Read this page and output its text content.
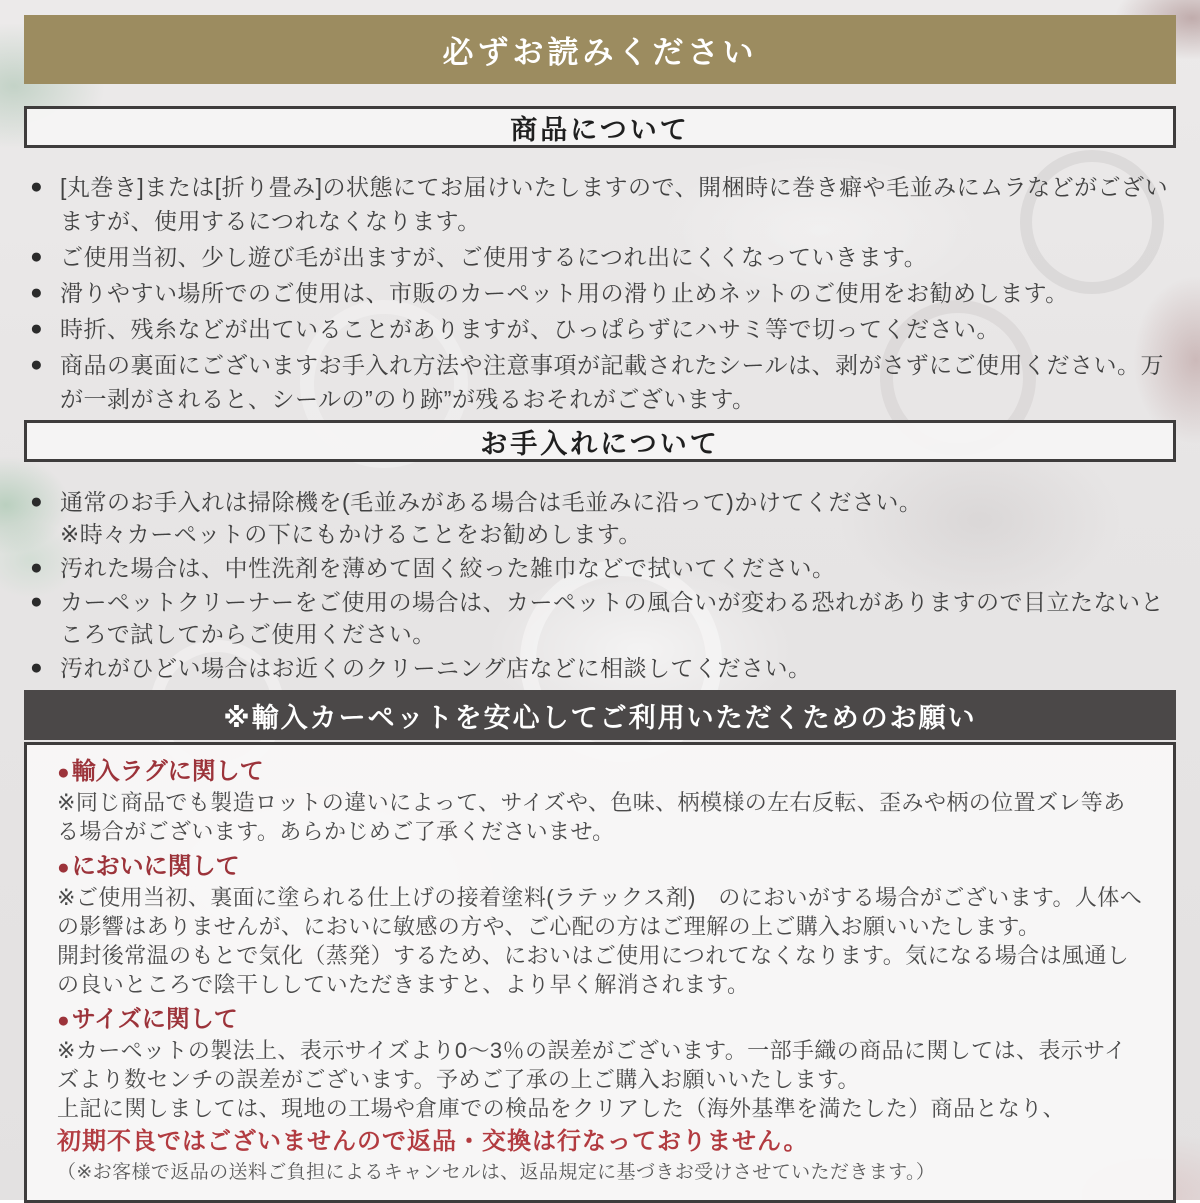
必ずお読みください
商品について
● [丸巻き]または[折り畳み]の状態にてお届けいたしますので、開梱時に巻き癖や毛並みにムラなどがございますが、使用するにつれなくなります。
● ご使用当初、少し遊び毛が出ますが、ご使用するにつれ出にくくなっていきます。
● 滑りやすい場所でのご使用は、市販のカーペット用の滑り止めネットのご使用をお勧めします。
● 時折、残糸などが出ていることがありますが、ひっぱらずにハサミ等で切ってください。
● 商品の裏面にございますお手入れ方法や注意事項が記載されたシールは、剥がさずにご使用ください。万が一剥がされると、シールの”のり跡”が残るおそれがございます。
お手入れについて
● 通常のお手入れは掃除機を(毛並みがある場合は毛並みに沿って)かけてください。
※時々カーペットの下にもかけることをお勧めします。
● 汚れた場合は、中性洗剤を薄めて固く絞った雑巾などで拭いてください。
● カーペットクリーナーをご使用の場合は、カーペットの風合いが変わる恐れがありますので目立たないところで試してからご使用ください。
● 汚れがひどい場合はお近くのクリーニング店などに相談してください。
※輸入カーペットを安心してご利用いただくためのお願い
●輸入ラグに関して

※同じ商品でも製造ロットの違いによって、サイズや、色味、柄模様の左右反転、歪みや柄の位置ズレ等ある場合がございます。あらかじめご了承くださいませ。

●においに関して

※ご使用当初、裏面に塗られる仕上げの接着塗料(ラテックス剤)　のにおいがする場合がございます。人体への影響はありませんが、においに敏感の方や、ご心配の方はご理解の上ご購入お願いいたします。

開封後常温のもとで気化（蒸発）するため、においはご使用につれてなくなります。気になる場合は風通しの良いところで陰干ししていただきますと、より早く解消されます。

●サイズに関して

※カーペットの製法上、表示サイズより0～3％の誤差がございます。一部手織の商品に関しては、表示サイズより数センチの誤差がございます。予めご了承の上ご購入お願いいたします。

上記に関しましては、現地の工場や倉庫での検品をクリアした（海外基準を満たした）商品となり、

初期不良ではございませんので返品・交換は行なっておりません。

（※お客様で返品の送料ご負担によるキャンセルは、返品規定に基づきお受けさせていただきます。）
